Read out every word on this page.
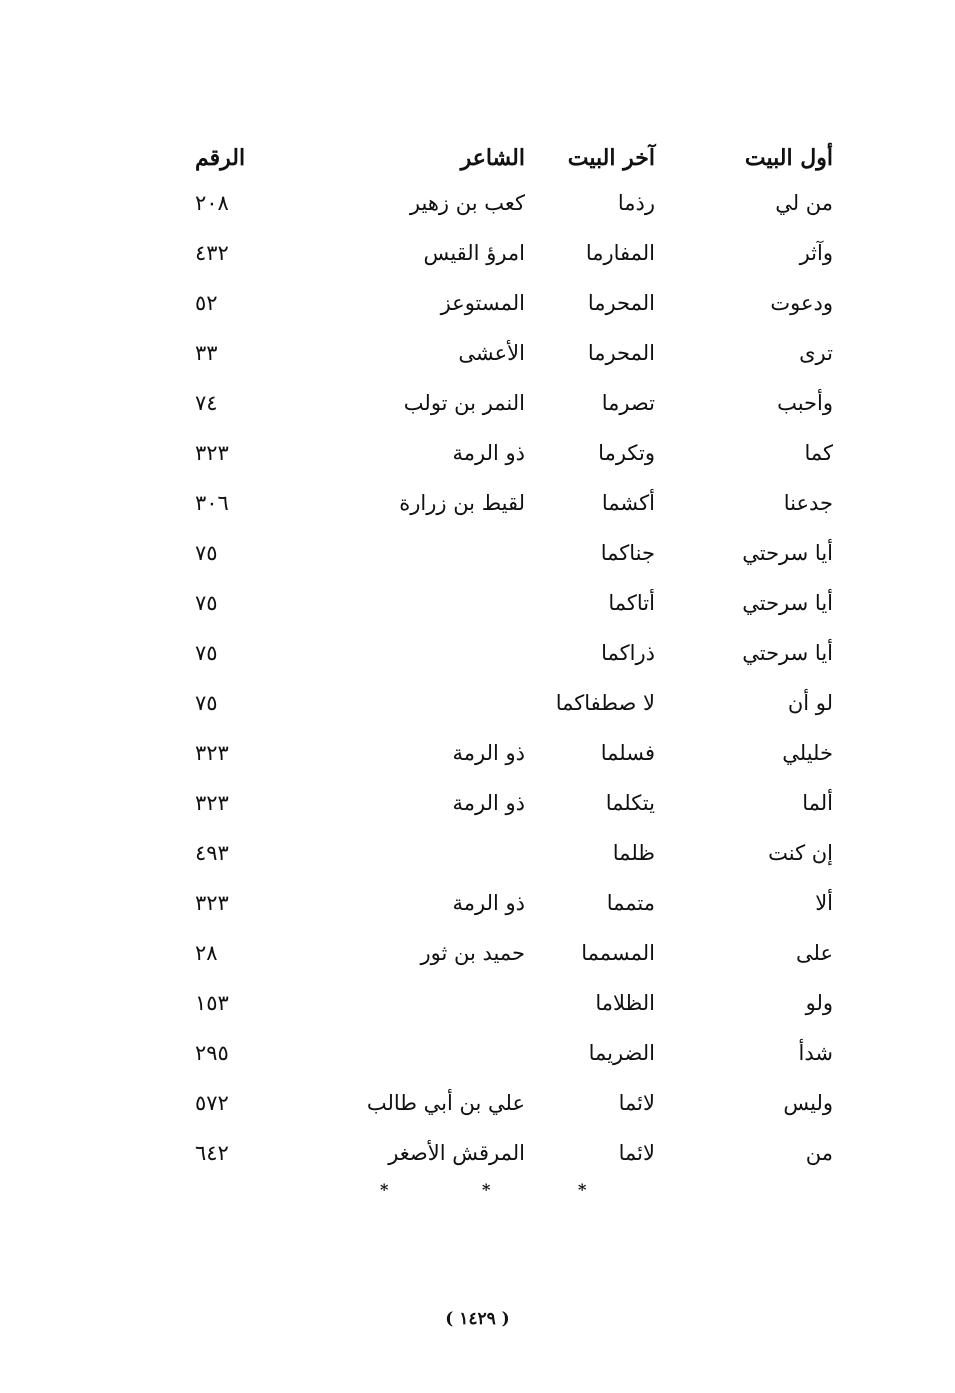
أول البيت
آخر البيت
الشاعر
الرقم
من لي
رذما
كعب بن زهير
٢٠٨
وآثر
المفارما
امرؤ القيس
٤٣٢
ودعوت
المحرما
المستوعز
٥٢
ترى
المحرما
الأعشى
٣٣
وأحبب
تصرما
النمر بن تولب
٧٤
كما
وتكرما
ذو الرمة
٣٢٣
جدعنا
أكشما
لقيط بن زرارة
٣٠٦
أيا سرحتي
جناكما
٧٥
أيا سرحتي
أتاكما
٧٥
أيا سرحتي
ذراكما
٧٥
لو أن
لا صطفاكما
٧٥
خليلي
فسلما
ذو الرمة
٣٢٣
ألما
يتكلما
ذو الرمة
٣٢٣
إن كنت
ظلما
٤٩٣
ألا
متمما
ذو الرمة
٣٢٣
على
المسمما
حميد بن ثور
٢٨
ولو
الظلاما
١٥٣
شدأ
الضريما
٢٩٥
وليس
لائما
علي بن أبي طالب
٥٧٢
من
لائما
المرقش الأصغر
٦٤٢
*	*	*
( ١٤٢٩ )
